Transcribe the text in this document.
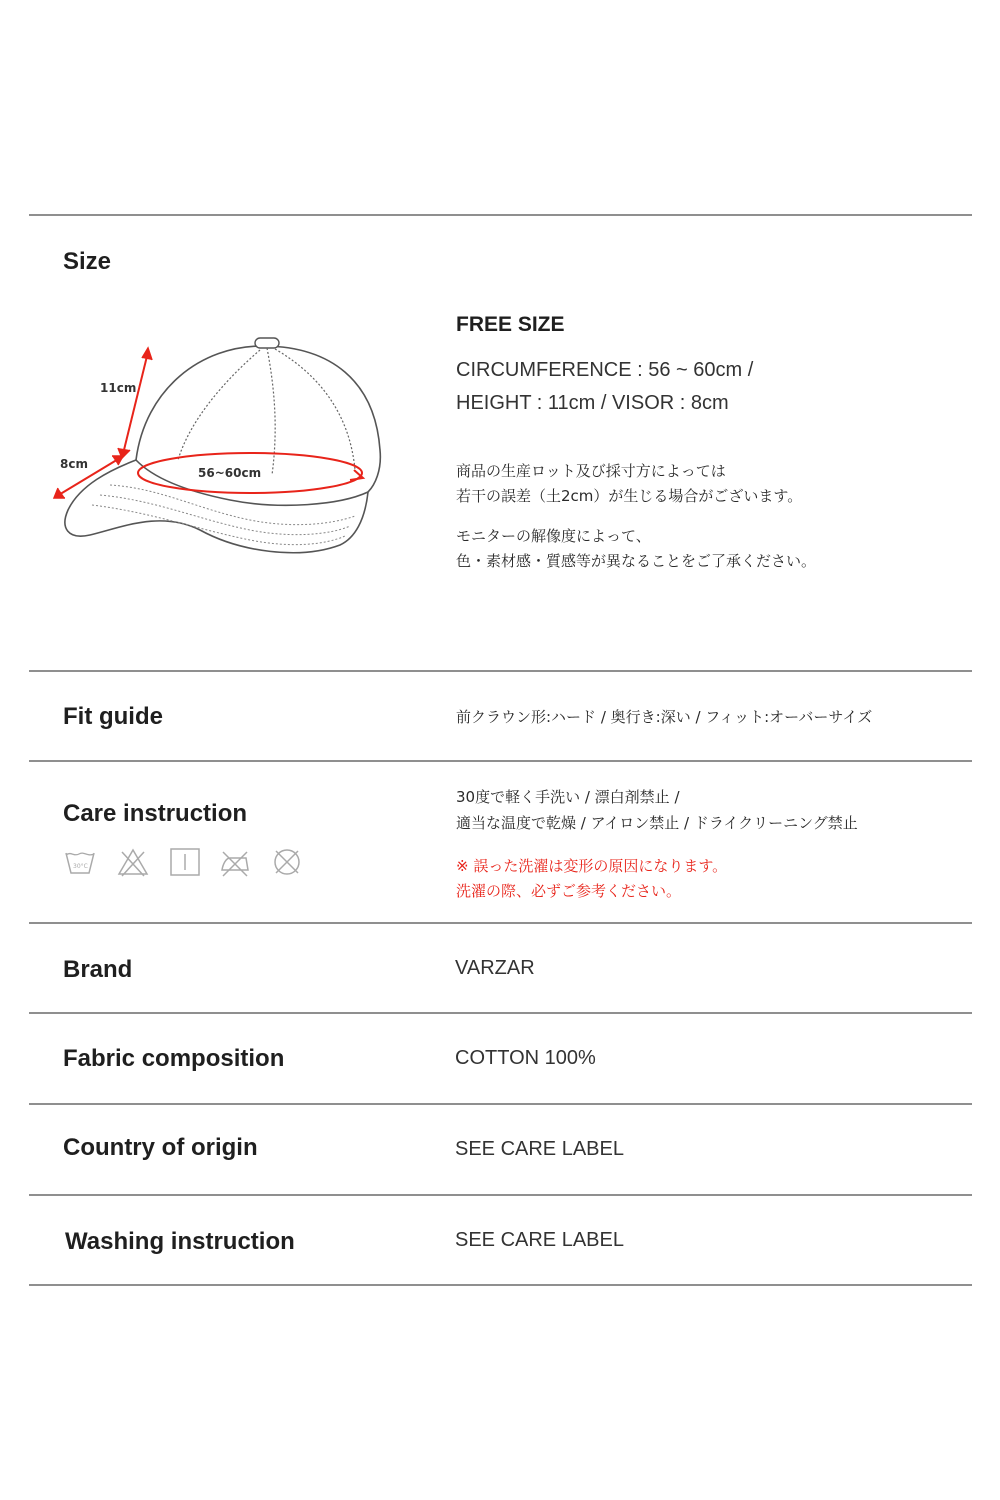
Size
11cm
8cm
56~60cm
FREE SIZE
CIRCUMFERENCE : 56 ~ 60cm /
HEIGHT : 11cm / VISOR : 8cm
商品の生産ロット及び採寸方によっては
若干の誤差（土2cm）が生じる場合がございます。
モニターの解像度によって、
色・素材感・質感等が異なることをご了承ください。
Fit guide	前クラウン形:ハード / 奥行き:深い / フィット:オーバーサイズ
Care instruction
30°C
30度で軽く手洗い / 漂白剤禁止 /
適当な温度で乾燥 / アイロン禁止 / ドライクリーニング禁止
※ 誤った洗濯は変形の原因になります。
洗濯の際、必ずご参考ください。
Brand	VARZAR
Fabric composition	COTTON 100%
Country of origin	SEE CARE LABEL
Washing instruction	SEE CARE LABEL
